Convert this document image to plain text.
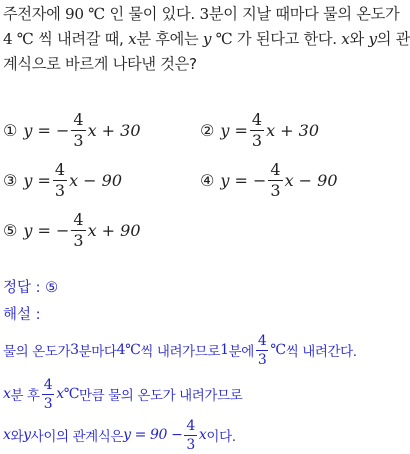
주전자에 90 ℃ 인 물이 있다. 3분이 지날 때마다 물의 온도가
4 ℃ 씩 내려갈 때, x분 후에는 y ℃ 가 된다고 한다. x와 y의 관
계식으로 바르게 나타낸 것은?
① y = − $\frac{4}{3}$ x + 30	② $y = \frac{4}{3}$ x + 30
③ $y = \frac{4}{3}$ x − 90	④ y = − $\frac{4}{3}$ x − 90
⑤ y = − $\frac{4}{3}$ x + 90
정답 : ⑤
해설 :
물의 온도가 3 분마다 4 ℃ 씩 내려가므로 1 분에 $\frac{4}{3}$ ℃ 씩 내려간다.
x 분 후 $\frac{4}{3}$ x ℃ 만큼 물의 온도가 내려가므로
x 와 y 사이의 관계식은 $y = 90 - \frac{4}{3}$ x 이다.
